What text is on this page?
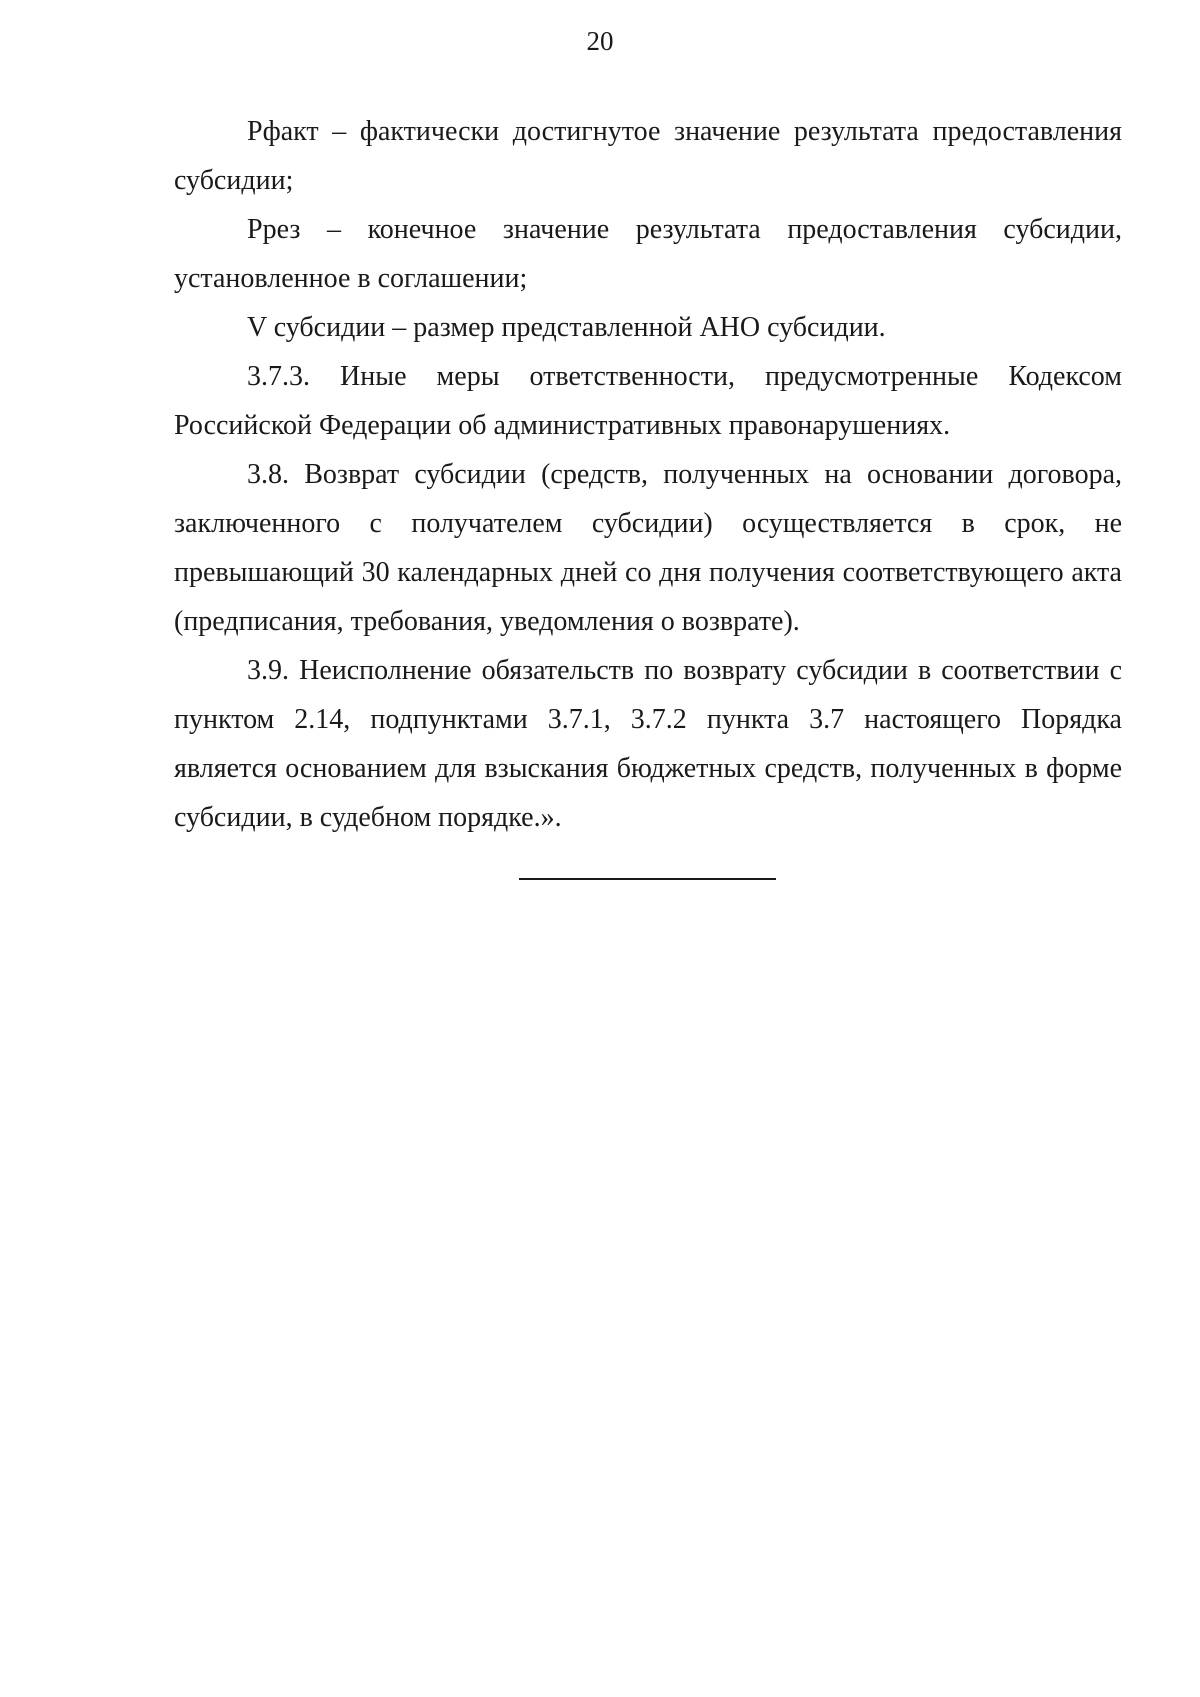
20

Рфакт – фактически достигнутое значение результата предоставления субсидии;

Ррез – конечное значение результата предоставления субсидии, установленное в соглашении;

V субсидии – размер представленной АНО субсидии.

3.7.3. Иные меры ответственности, предусмотренные Кодексом Российской Федерации об административных правонарушениях.

3.8. Возврат субсидии (средств, полученных на основании договора, заключенного с получателем субсидии) осуществляется в срок, не превышающий 30 календарных дней со дня получения соответствующего акта (предписания, требования, уведомления о возврате).

3.9. Неисполнение обязательств по возврату субсидии в соответствии с пунктом 2.14, подпунктами 3.7.1, 3.7.2 пункта 3.7 настоящего Порядка является основанием для взыскания бюджетных средств, полученных в форме субсидии, в судебном порядке.».
